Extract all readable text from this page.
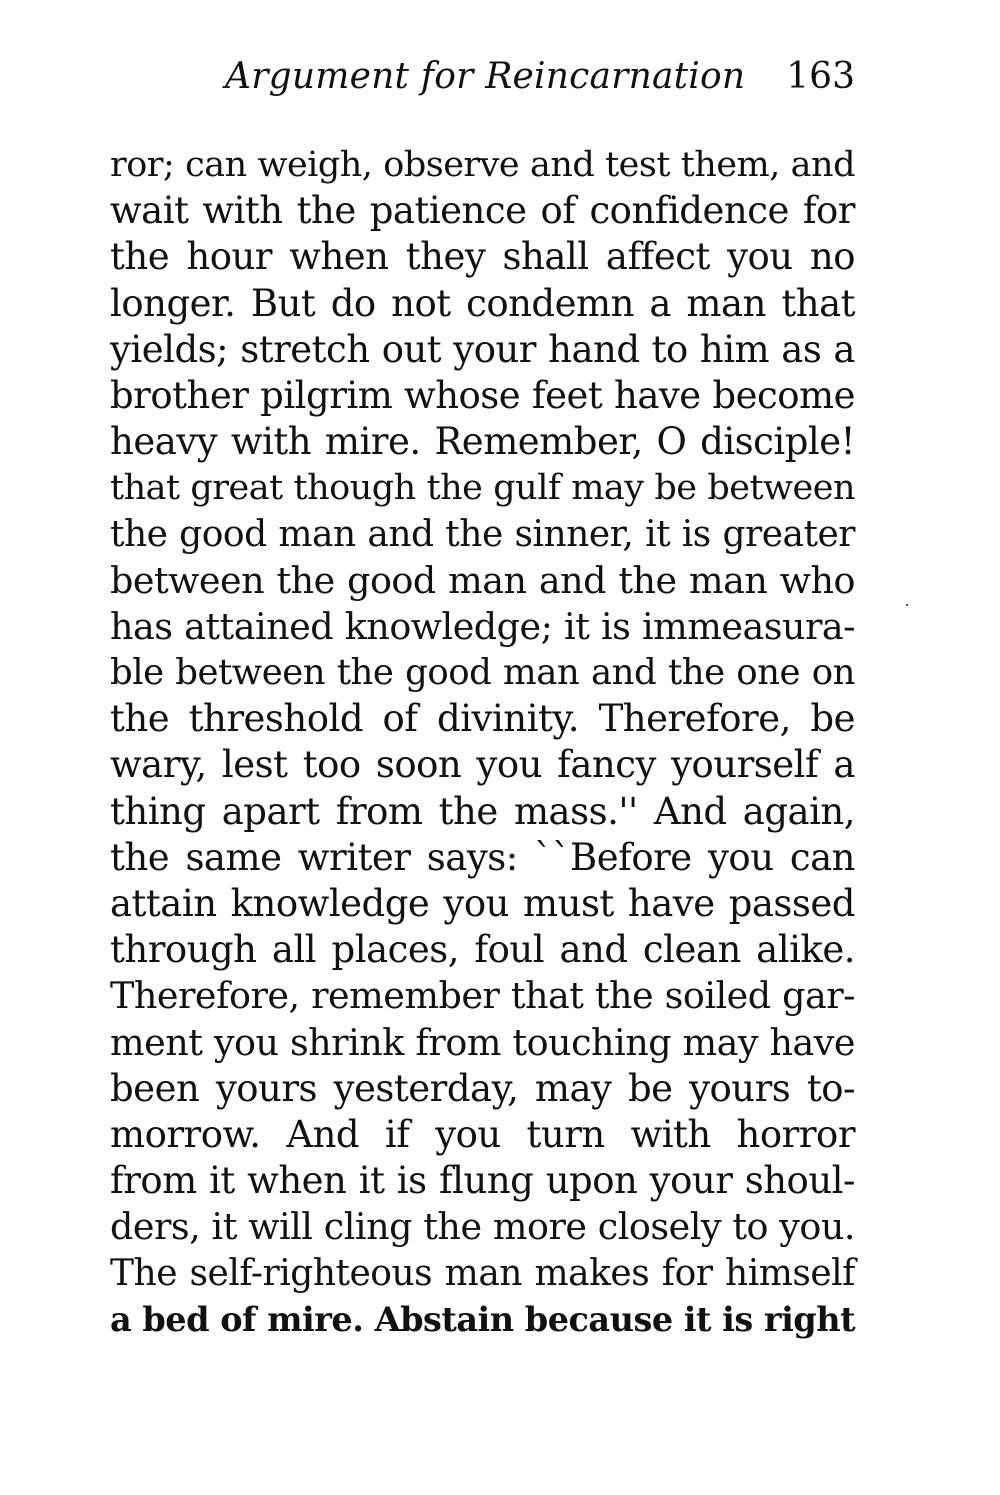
Argument for Reincarnation 163
ror; can weigh, observe and test them, and
wait with the patience of confidence for
the hour when they shall affect you no
longer. But do not condemn a man that
yields; stretch out your hand to him as a
brother pilgrim whose feet have become
heavy with mire. Remember, O disciple!
that great though the gulf may be between
the good man and the sinner, it is greater
between the good man and the man who
has attained knowledge; it is immeasura-
ble between the good man and the one on
the threshold of divinity. Therefore, be
wary, lest too soon you fancy yourself a
thing apart from the mass.'' And again,
the same writer says: ``Before you can
attain knowledge you must have passed
through all places, foul and clean alike.
Therefore, remember that the soiled gar-
ment you shrink from touching may have
been yours yesterday, may be yours to-
morrow. And if you turn with horror
from it when it is flung upon your shoul-
ders, it will cling the more closely to you.
The self-righteous man makes for himself
a bed of mire. Abstain because it is right
